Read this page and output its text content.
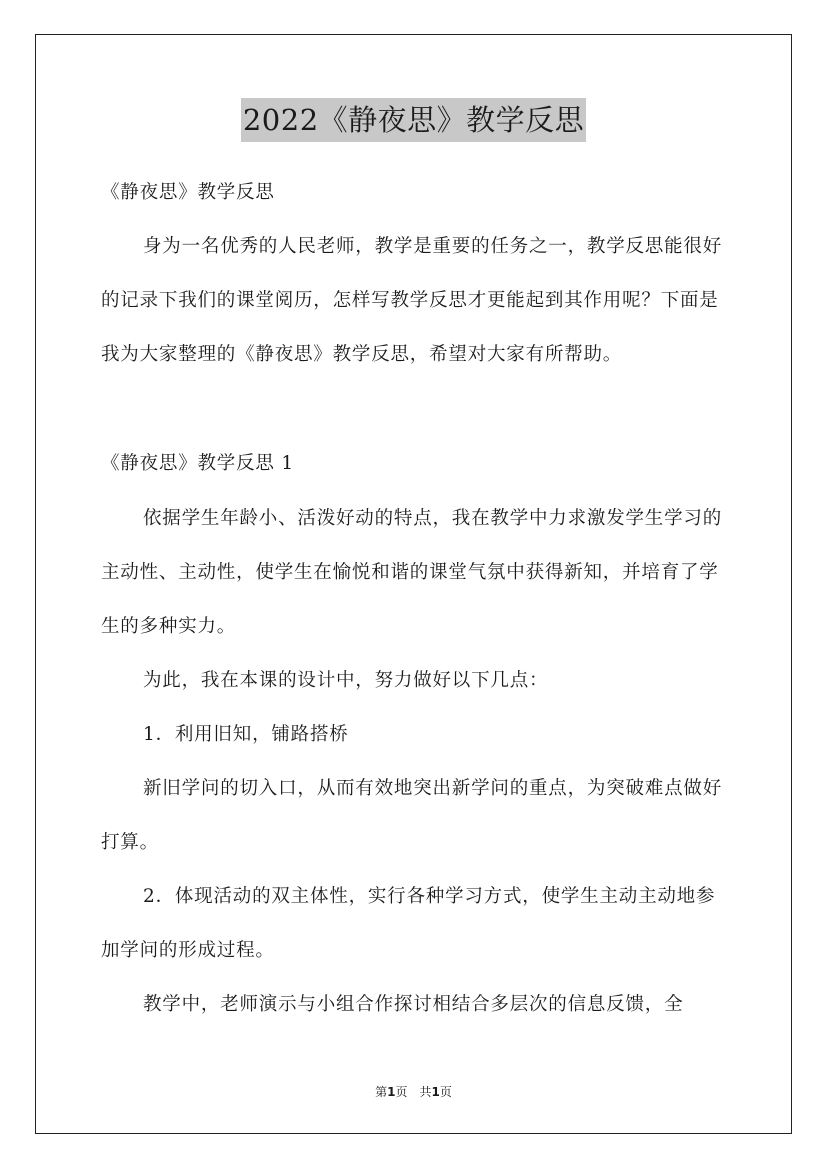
2022《静夜思》教学反思

《静夜思》教学反思

身为一名优秀的人民老师，教学是重要的任务之一，教学反思能很好的记录下我们的课堂阅历，怎样写教学反思才更能起到其作用呢？下面是我为大家整理的《静夜思》教学反思，希望对大家有所帮助。

《静夜思》教学反思 1

依据学生年龄小、活泼好动的特点，我在教学中力求激发学生学习的主动性、主动性，使学生在愉悦和谐的课堂气氛中获得新知，并培育了学生的多种实力。

为此，我在本课的设计中，努力做好以下几点：

1．利用旧知，铺路搭桥

新旧学问的切入口，从而有效地突出新学问的重点，为突破难点做好打算。

2．体现活动的双主体性，实行各种学习方式，使学生主动主动地参加学问的形成过程。

教学中，老师演示与小组合作探讨相结合多层次的信息反馈，全

第1页　共1页
